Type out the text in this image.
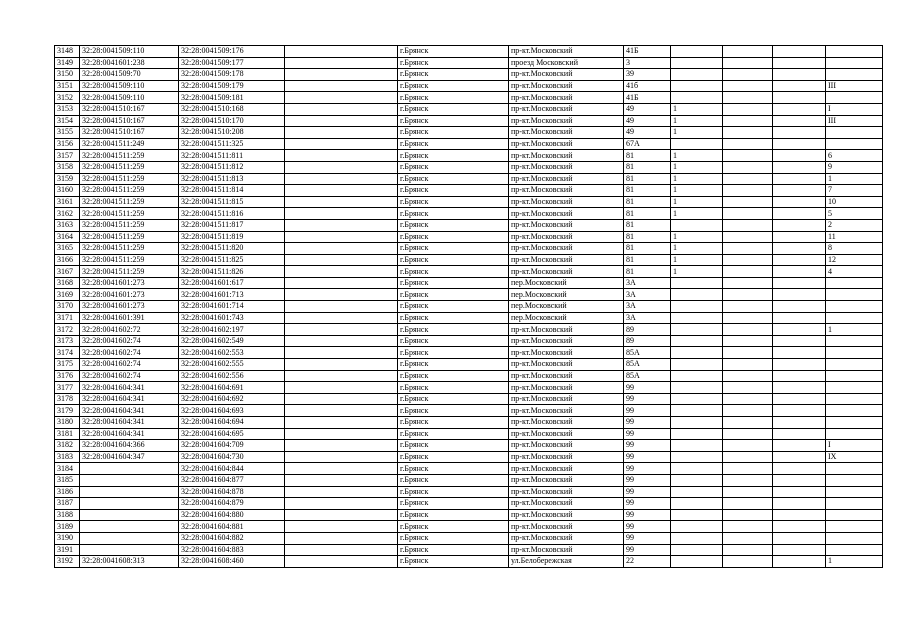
3148	32:28:0041509:110	32:28:0041509:176		г.Брянск	пр-кт.Московский	41Б				
3149	32:28:0041601:238	32:28:0041509:177		г.Брянск	проезд Московский	3				
3150	32:28:0041509:70	32:28:0041509:178		г.Брянск	пр-кт.Московский	39				
3151	32:28:0041509:110	32:28:0041509:179		г.Брянск	пр-кт.Московский	41б				III
3152	32:28:0041509:110	32:28:0041509:181		г.Брянск	пр-кт.Московский	41Б				
3153	32:28:0041510:167	32:28:0041510:168		г.Брянск	пр-кт.Московский	49	1			I
3154	32:28:0041510:167	32:28:0041510:170		г.Брянск	пр-кт.Московский	49	1			III
3155	32:28:0041510:167	32:28:0041510:208		г.Брянск	пр-кт.Московский	49	1			
3156	32:28:0041511:249	32:28:0041511:325		г.Брянск	пр-кт.Московский	67А				
3157	32:28:0041511:259	32:28:0041511:811		г.Брянск	пр-кт.Московский	81	1			6
3158	32:28:0041511:259	32:28:0041511:812		г.Брянск	пр-кт.Московский	81	1			9
3159	32:28:0041511:259	32:28:0041511:813		г.Брянск	пр-кт.Московский	81	1			1
3160	32:28:0041511:259	32:28:0041511:814		г.Брянск	пр-кт.Московский	81	1			7
3161	32:28:0041511:259	32:28:0041511:815		г.Брянск	пр-кт.Московский	81	1			10
3162	32:28:0041511:259	32:28:0041511:816		г.Брянск	пр-кт.Московский	81	1			5
3163	32:28:0041511:259	32:28:0041511:817		г.Брянск	пр-кт.Московский	81				2
3164	32:28:0041511:259	32:28:0041511:819		г.Брянск	пр-кт.Московский	81	1			11
3165	32:28:0041511:259	32:28:0041511:820		г.Брянск	пр-кт.Московский	81	1			8
3166	32:28:0041511:259	32:28:0041511:825		г.Брянск	пр-кт.Московский	81	1			12
3167	32:28:0041511:259	32:28:0041511:826		г.Брянск	пр-кт.Московский	81	1			4
3168	32:28:0041601:273	32:28:0041601:617		г.Брянск	пер.Московский	3А				
3169	32:28:0041601:273	32:28:0041601:713		г.Брянск	пер.Московский	3А				
3170	32:28:0041601:273	32:28:0041601:714		г.Брянск	пер.Московский	3А				
3171	32:28:0041601:391	32:28:0041601:743		г.Брянск	пер.Московский	3А				
3172	32:28:0041602:72	32:28:0041602:197		г.Брянск	пр-кт.Московский	89				1
3173	32:28:0041602:74	32:28:0041602:549		г.Брянск	пр-кт.Московский	89				
3174	32:28:0041602:74	32:28:0041602:553		г.Брянск	пр-кт.Московский	85А				
3175	32:28:0041602:74	32:28:0041602:555		г.Брянск	пр-кт.Московский	85А				
3176	32:28:0041602:74	32:28:0041602:556		г.Брянск	пр-кт.Московский	85А				
3177	32:28:0041604:341	32:28:0041604:691		г.Брянск	пр-кт.Московский	99				
3178	32:28:0041604:341	32:28:0041604:692		г.Брянск	пр-кт.Московский	99				
3179	32:28:0041604:341	32:28:0041604:693		г.Брянск	пр-кт.Московский	99				
3180	32:28:0041604:341	32:28:0041604:694		г.Брянск	пр-кт.Московский	99				
3181	32:28:0041604:341	32:28:0041604:695		г.Брянск	пр-кт.Московский	99				
3182	32:28:0041604:366	32:28:0041604:709		г.Брянск	пр-кт.Московский	99				I
3183	32:28:0041604:347	32:28:0041604:730		г.Брянск	пр-кт.Московский	99				IX
3184		32:28:0041604:844		г.Брянск	пр-кт.Московский	99				
3185		32:28:0041604:877		г.Брянск	пр-кт.Московский	99				
3186		32:28:0041604:878		г.Брянск	пр-кт.Московский	99				
3187		32:28:0041604:879		г.Брянск	пр-кт.Московский	99				
3188		32:28:0041604:880		г.Брянск	пр-кт.Московский	99				
3189		32:28:0041604:881		г.Брянск	пр-кт.Московский	99				
3190		32:28:0041604:882		г.Брянск	пр-кт.Московский	99				
3191		32:28:0041604:883		г.Брянск	пр-кт.Московский	99				
3192	32:28:0041608:313	32:28:0041608:460		г.Брянск	ул.Белобережская	22				1
